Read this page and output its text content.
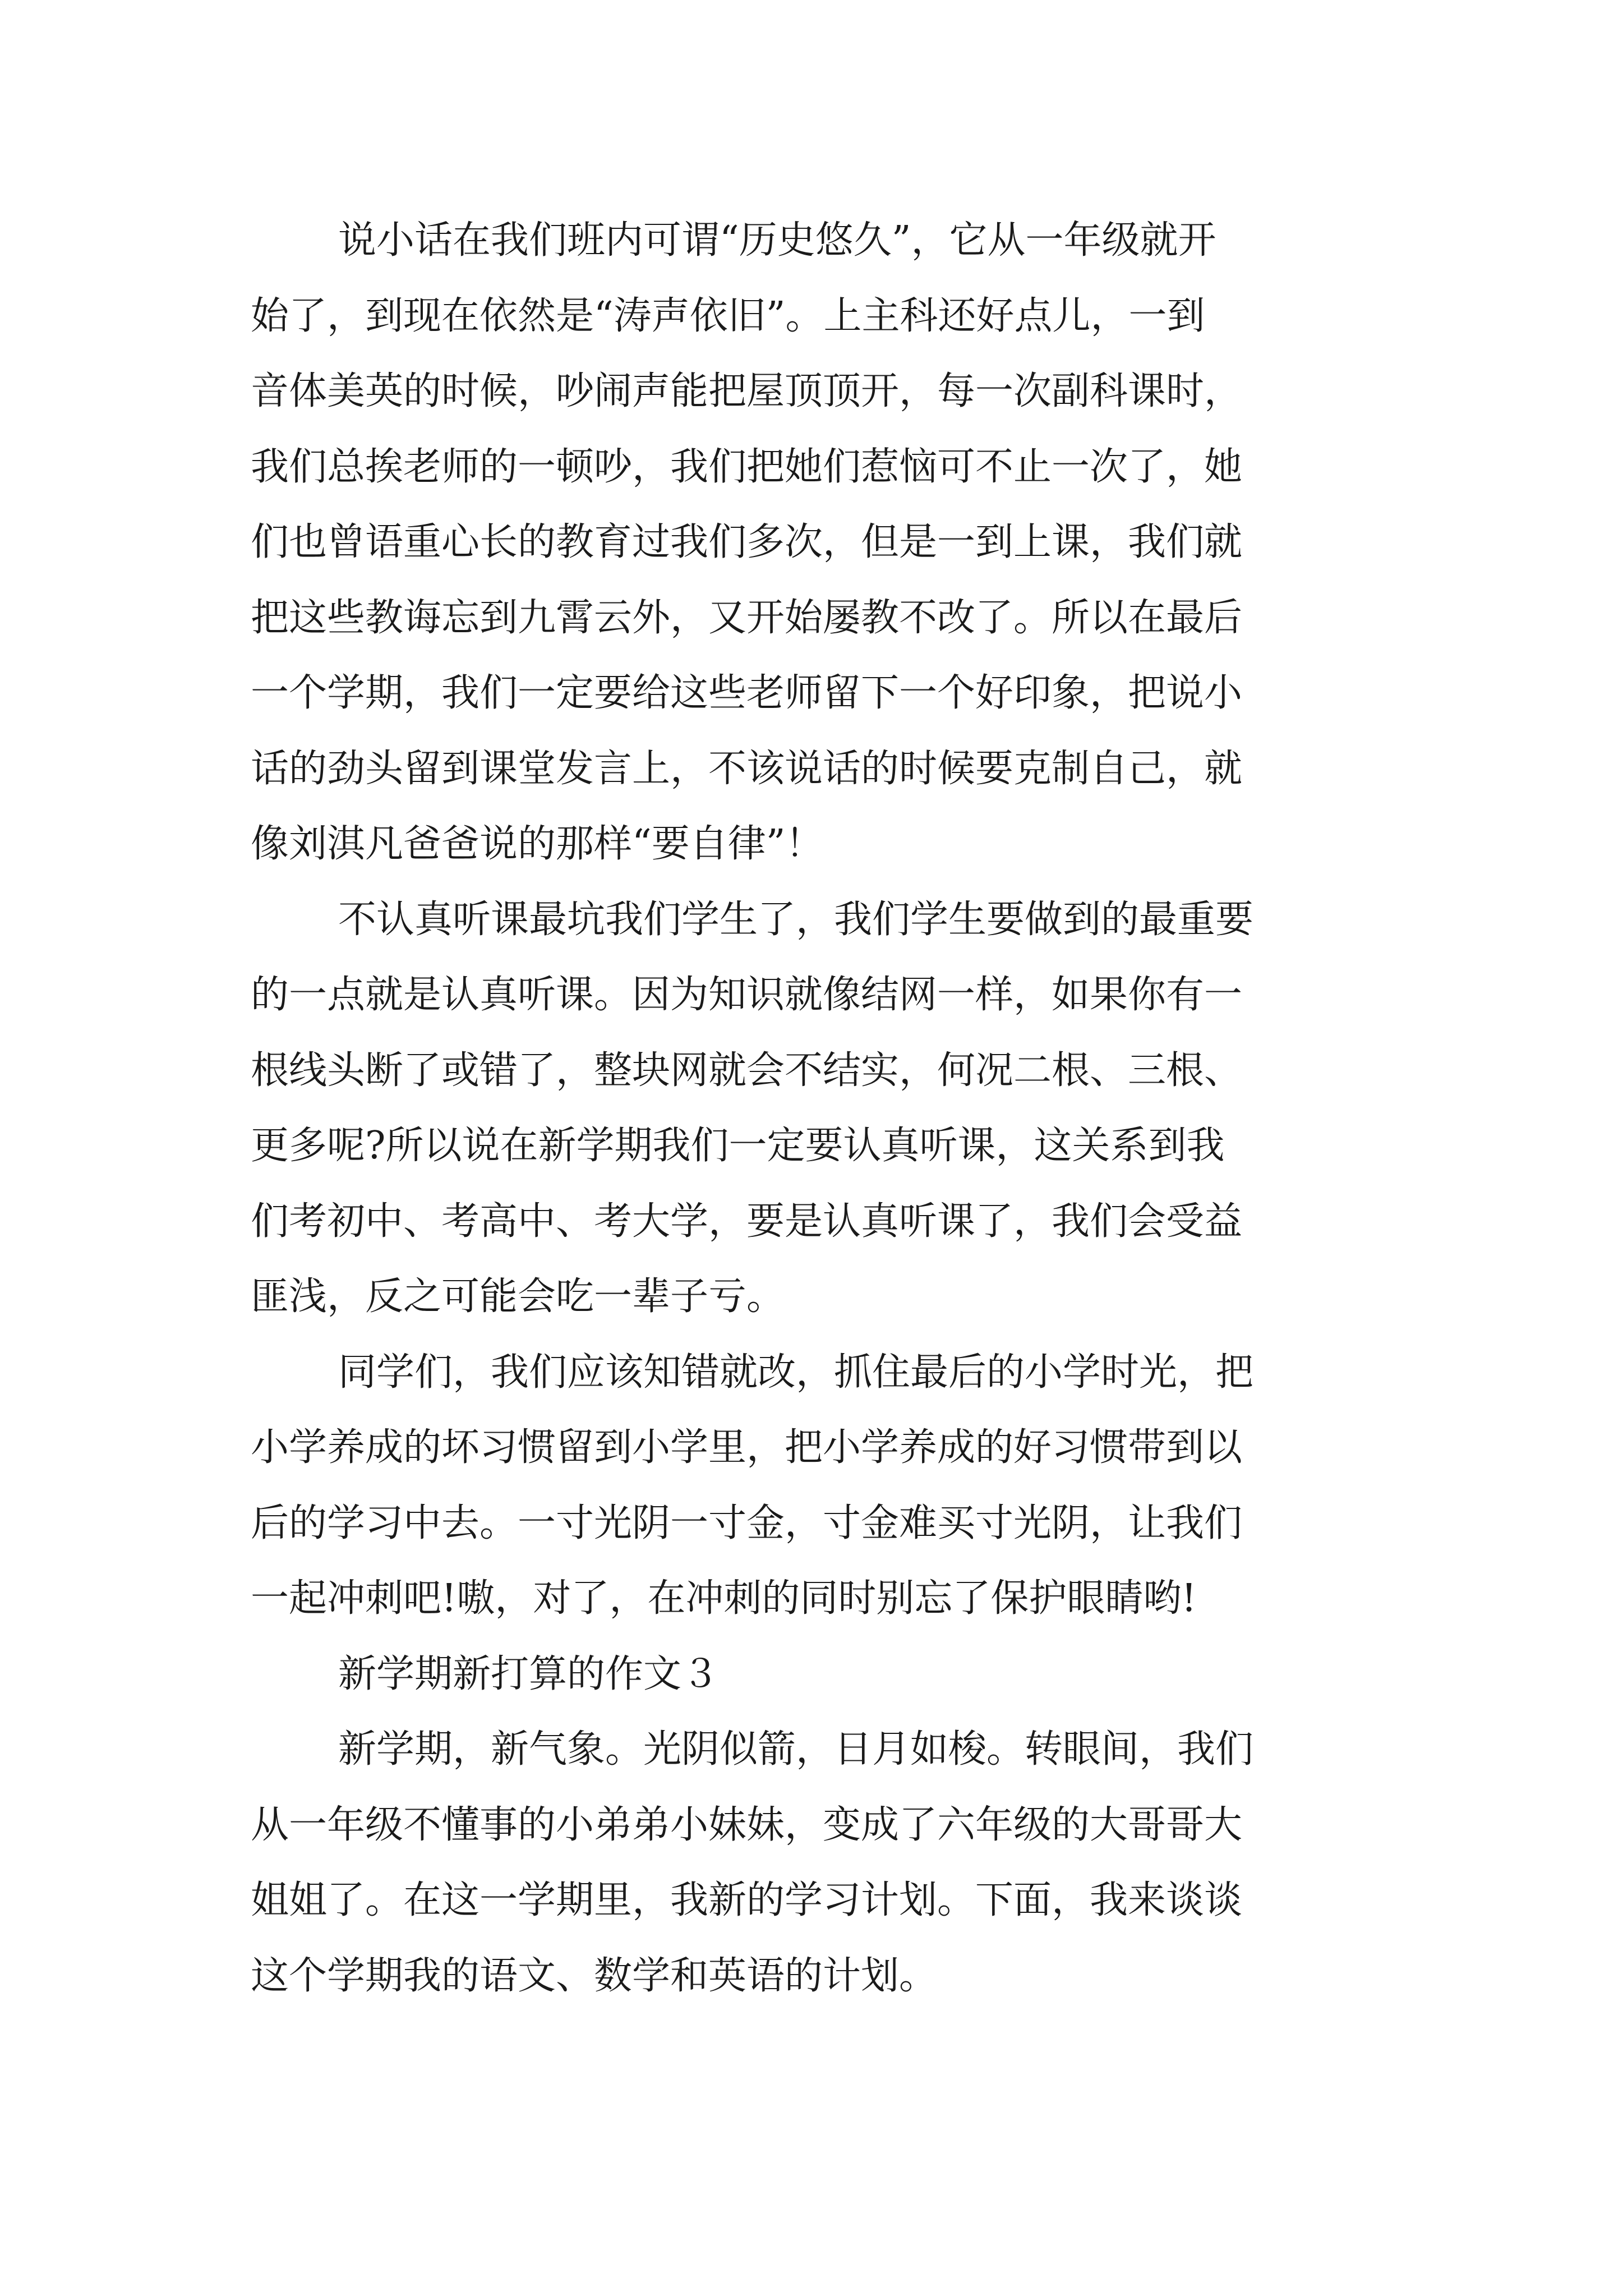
说小话在我们班内可谓“历史悠久”，它从一年级就开
始了，到现在依然是“涛声依旧”。上主科还好点儿，一到
音体美英的时候，吵闹声能把屋顶顶开，每一次副科课时，
我们总挨老师的一顿吵，我们把她们惹恼可不止一次了，她
们也曾语重心长的教育过我们多次，但是一到上课，我们就
把这些教诲忘到九霄云外，又开始屡教不改了。所以在最后
一个学期，我们一定要给这些老师留下一个好印象，把说小
话的劲头留到课堂发言上，不该说话的时候要克制自己，就
像刘淇凡爸爸说的那样“要自律”！
不认真听课最坑我们学生了，我们学生要做到的最重要
的一点就是认真听课。因为知识就像结网一样，如果你有一
根线头断了或错了，整块网就会不结实，何况二根、三根、
更多呢?所以说在新学期我们一定要认真听课，这关系到我
们考初中、考高中、考大学，要是认真听课了，我们会受益
匪浅，反之可能会吃一辈子亏。
同学们，我们应该知错就改，抓住最后的小学时光，把
小学养成的坏习惯留到小学里，把小学养成的好习惯带到以
后的学习中去。一寸光阴一寸金，寸金难买寸光阴，让我们
一起冲刺吧!嗷，对了，在冲刺的同时别忘了保护眼睛哟!
新学期新打算的作文３
新学期，新气象。光阴似箭，日月如梭。转眼间，我们
从一年级不懂事的小弟弟小妹妹，变成了六年级的大哥哥大
姐姐了。在这一学期里，我新的学习计划。下面，我来谈谈
这个学期我的语文、数学和英语的计划。
